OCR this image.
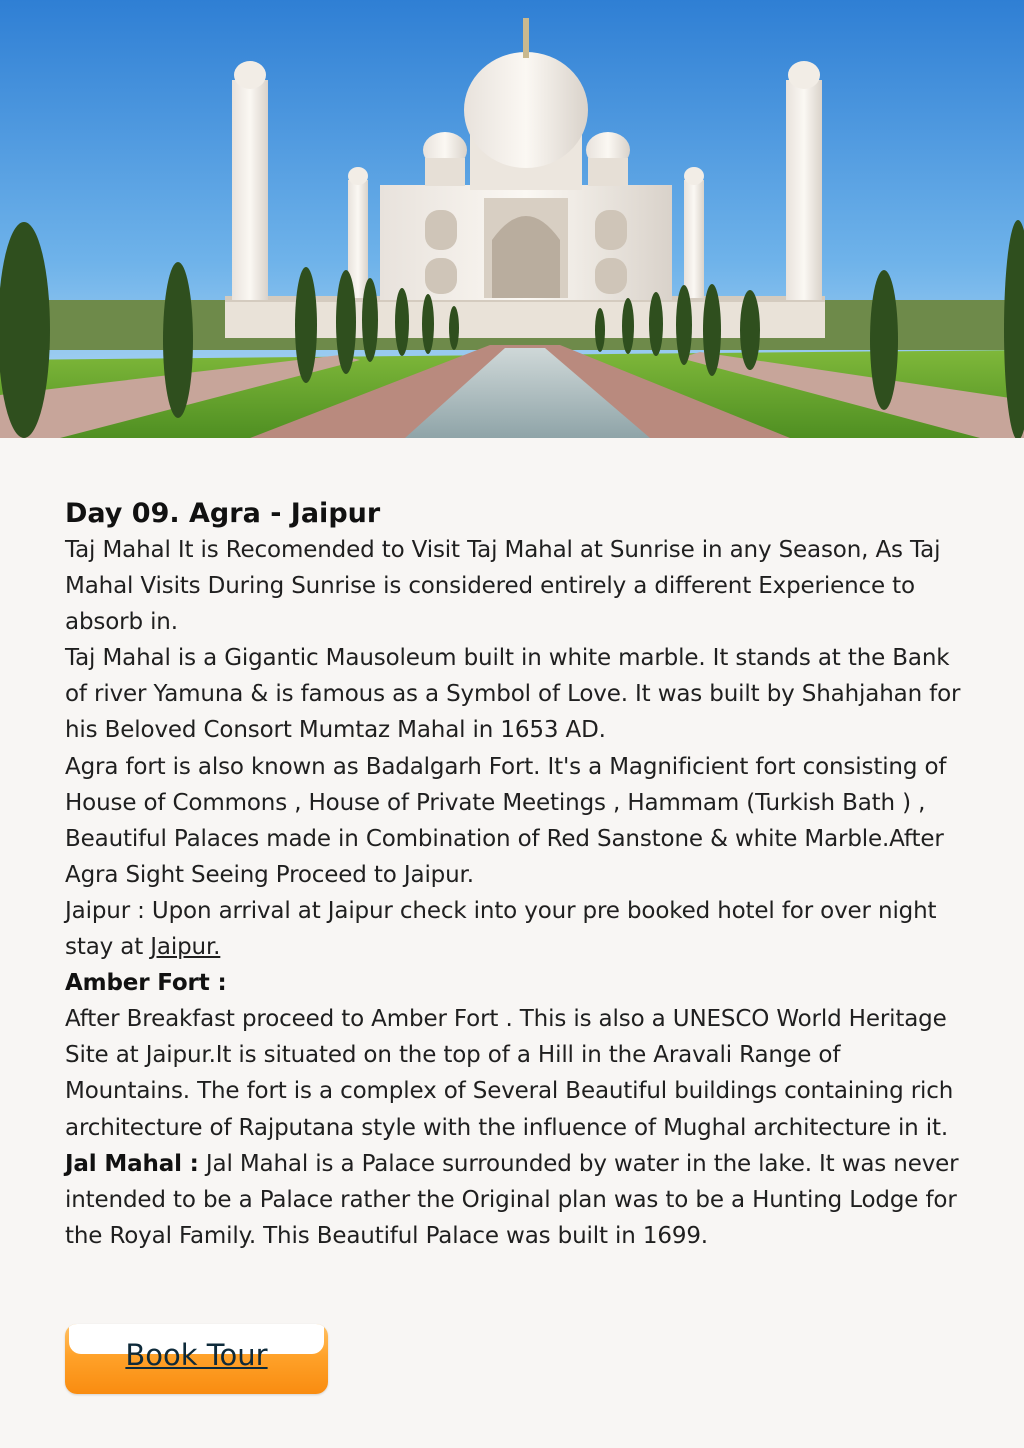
Day 09. Agra - Jaipur

Taj Mahal It is Recomended to Visit Taj Mahal at Sunrise in any Season, As Taj Mahal Visits During Sunrise is considered entirely a different Experience to absorb in.

Taj Mahal is a Gigantic Mausoleum built in white marble. It stands at the Bank of river Yamuna & is famous as a Symbol of Love. It was built by Shahjahan for his Beloved Consort Mumtaz Mahal in 1653 AD.

Agra fort is also known as Badalgarh Fort. It's a Magnificient fort consisting of House of Commons , House of Private Meetings , Hammam (Turkish Bath ) , Beautiful Palaces made in Combination of Red Sanstone & white Marble.After Agra Sight Seeing Proceed to Jaipur.

Jaipur : Upon arrival at Jaipur check into your pre booked hotel for over night stay at Jaipur.

Amber Fort :

After Breakfast proceed to Amber Fort . This is also a UNESCO World Heritage Site at Jaipur.It is situated on the top of a Hill in the Aravali Range of Mountains. The fort is a complex of Several Beautiful buildings containing rich architecture of Rajputana style with the influence of Mughal architecture in it.

Jal Mahal : Jal Mahal is a Palace surrounded by water in the lake. It was never intended to be a Palace rather the Original plan was to be a Hunting Lodge for the Royal Family. This Beautiful Palace was built in 1699.

Book Tour
